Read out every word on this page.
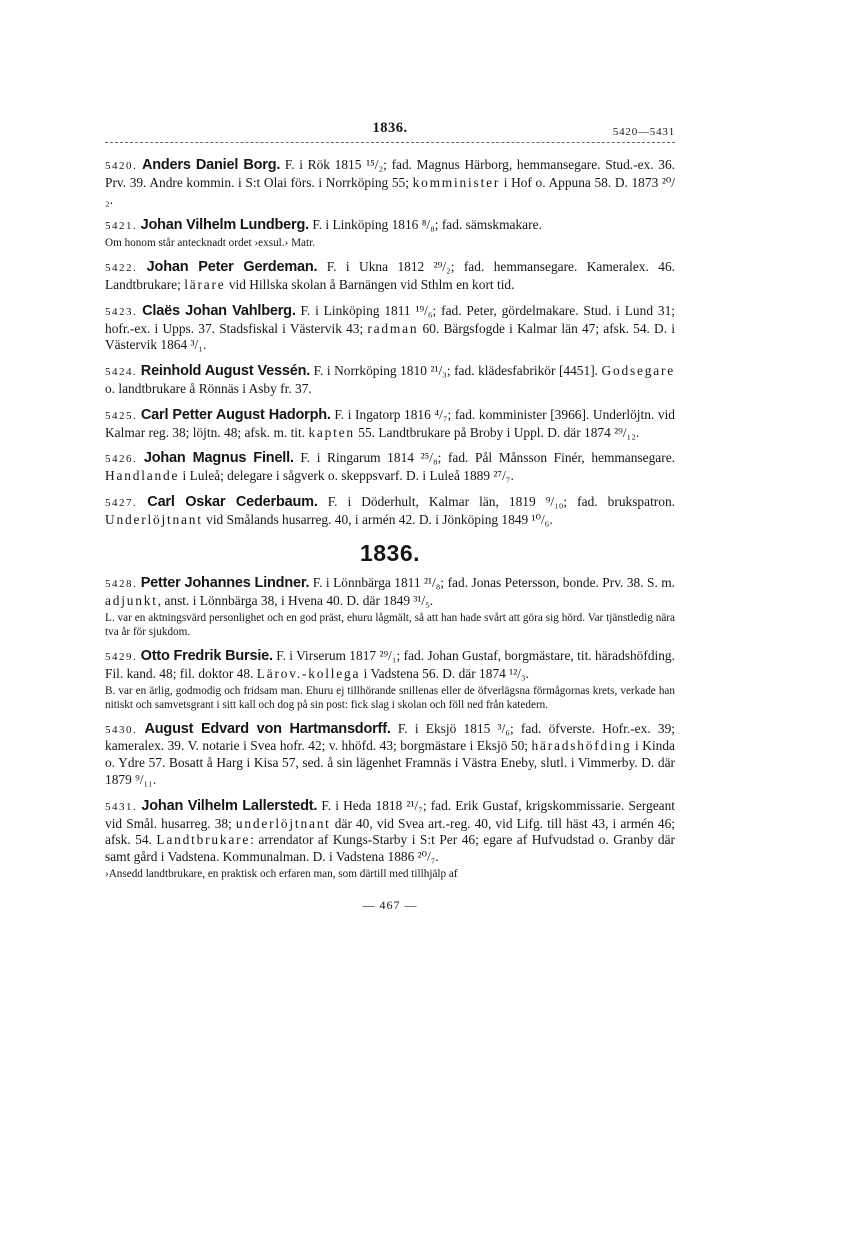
1836.	5420—5431
5420. Anders Daniel Borg. F. i Rök 1815 ¹⁵/₂; fad. Magnus Härborg, hemmansegare. Stud.-ex. 36. Prv. 39. Andre kommin. i S:t Olai förs. i Norrköping 55; komminister i Hof o. Appuna 58. D. 1873 ²⁰/₂.
5421. Johan Vilhelm Lundberg. F. i Linköping 1816 ⁸/₈; fad. sämskmakare.
Om honom står antecknadt ordet ›exsul.› Matr.
5422. Johan Peter Gerdeman. F. i Ukna 1812 ²⁹/₂; fad. hemmansegare. Kameralex. 46. Landtbrukare; lärare vid Hillska skolan å Barnängen vid Sthlm en kort tid.
5423. Claës Johan Vahlberg. F. i Linköping 1811 ¹⁹/₆; fad. Peter, gördelmakare. Stud. i Lund 31; hofr.-ex. i Upps. 37. Stadsfiskal i Västervik 43; radman 60. Bärgsfogde i Kalmar län 47; afsk. 54. D. i Västervik 1864 ³/₁.
5424. Reinhold August Vessén. F. i Norrköping 1810 ²¹/₃; fad. klädesfabrikör [4451]. Godsegare o. landtbrukare å Rönnäs i Asby fr. 37.
5425. Carl Petter August Hadorph. F. i Ingatorp 1816 ⁴/₇; fad. komminister [3966]. Underlöjtn. vid Kalmar reg. 38; löjtn. 48; afsk. m. tit. kapten 55. Landtbrukare på Broby i Uppl. D. där 1874 ²⁹/₁₂.
5426. Johan Magnus Finell. F. i Ringarum 1814 ²⁵/₈; fad. Pål Månsson Finér, hemmansegare. Handlande i Luleå; delegare i sågverk o. skeppsvarf. D. i Luleå 1889 ²⁷/₇.
5427. Carl Oskar Cederbaum. F. i Döderhult, Kalmar län, 1819 ⁹/₁₀; fad. brukspatron. Underlöjtnant vid Smålands husarreg. 40, i armén 42. D. i Jönköping 1849 ¹⁰/₆.
1836.
5428. Petter Johannes Lindner. F. i Lönnbärga 1811 ²¹/₈; fad. Jonas Petersson, bonde. Prv. 38. S. m. adjunkt, anst. i Lönnbärga 38, i Hvena 40. D. där 1849 ³¹/₅.
L. var en aktningsvärd personlighet och en god präst, ehuru lågmält, så att han hade svårt att göra sig hörd. Var tjänstledig nära tva år för sjukdom.
5429. Otto Fredrik Bursie. F. i Virserum 1817 ²⁹/₁; fad. Johan Gustaf, borgmästare, tit. häradshöfding. Fil. kand. 48; fil. doktor 48. Lärov.-kollega i Vadstena 56. D. där 1874 ¹²/₃.
B. var en ärlig, godmodig och fridsam man. Ehuru ej tillhörande snillenas eller de öfverlägsna förmågornas krets, verkade han nitiskt och samvetsgrant i sitt kall och dog på sin post: fick slag i skolan och föll ned från katedern.
5430. August Edvard von Hartmansdorff. F. i Eksjö 1815 ³/₆; fad. öfverste. Hofr.-ex. 39; kameralex. 39. V. notarie i Svea hofr. 42; v. hhöfd. 43; borgmästare i Eksjö 50; häradshöfding i Kinda o. Ydre 57. Bosatt å Harg i Kisa 57, sed. å sin lägenhet Framnäs i Västra Eneby, slutl. i Vimmerby. D. där 1879 ⁹/₁₁.
5431. Johan Vilhelm Lallerstedt. F. i Heda 1818 ²¹/₇; fad. Erik Gustaf, krigskommissarie. Sergeant vid Smål. husarreg. 38; underlöjtnant där 40, vid Svea art.-reg. 40, vid Lifg. till häst 43, i armén 46; afsk. 54. Landtbrukare: arrendator af Kungs-Starby i S:t Per 46; egare af Hufvudstad o. Granby där samt gård i Vadstena. Kommunalman. D. i Vadstena 1886 ²⁰/₇.
›Ansedd landtbrukare, en praktisk och erfaren man, som därtill med tillhjälp af
— 467 —
